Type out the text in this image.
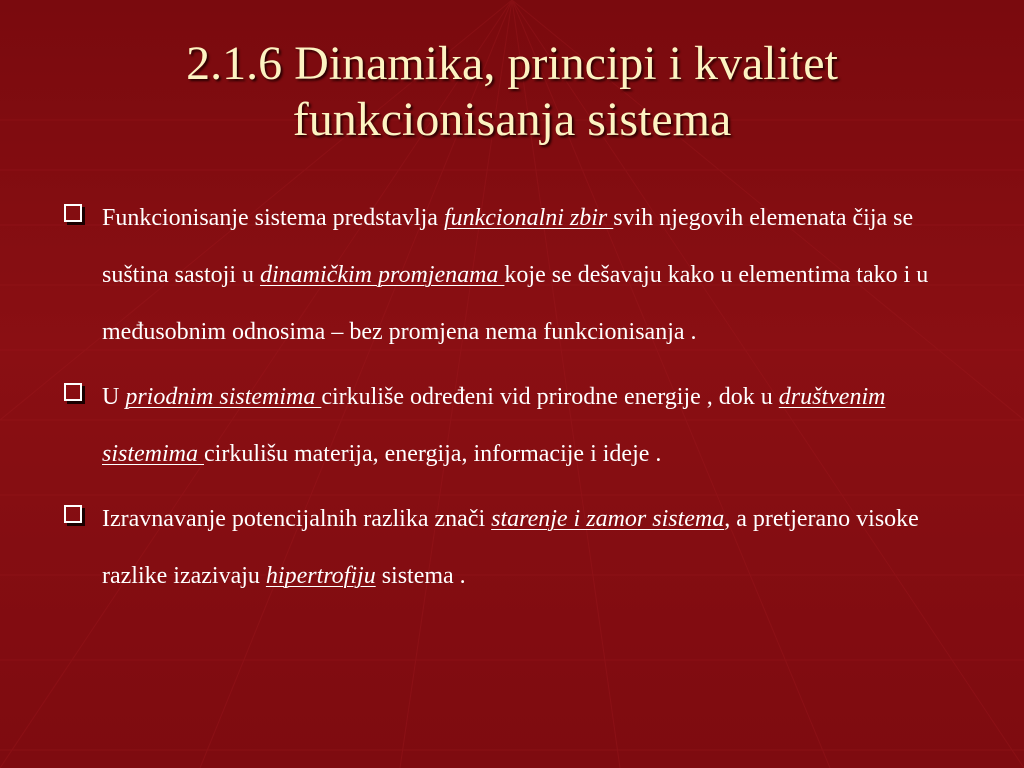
2.1.6 Dinamika, principi i kvalitet
funkcionisanja sistema
Funkcionisanje sistema predstavlja funkcionalni zbir svih njegovih elemenata čija se suština sastoji u dinamičkim promjenama koje se dešavaju kako u elementima tako i u međusobnim odnosima – bez promjena nema funkcionisanja .
U priodnim sistemima cirkuliše određeni vid prirodne energije , dok u društvenim sistemima cirkulišu materija, energija, informacije i ideje .
Izravnavanje potencijalnih razlika znači starenje i zamor sistema, a pretjerano visoke razlike izazivaju hipertrofiju sistema .
